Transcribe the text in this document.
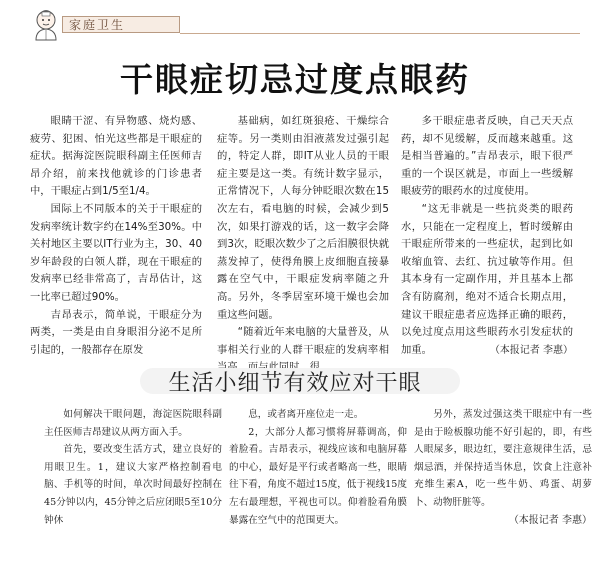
家庭卫生
干眼症切忌过度点眼药

眼睛干涩、有异物感、烧灼感、疲劳、犯困、怕光这些都是干眼症的症状。据海淀医院眼科副主任医师吉昂介绍，前来找他就诊的门诊患者中，干眼症占到1/5至1/4。

国际上不同版本的关于干眼症的发病率统计数字约在14%至30%。中关村地区主要以IT行业为主，30、40岁年龄段的白领人群，现在干眼症的发病率已经非常高了，吉昂估计，这一比率已超过90%。

吉昂表示，简单说，干眼症分为两类，一类是由自身眼泪分泌不足所引起的，一般都存在原发

基础病，如红斑狼疮、干燥综合症等。另一类则由泪液蒸发过强引起的，特定人群，即IT从业人员的干眼症主要是这一类。有统计数字显示，正常情况下，人每分钟眨眼次数在15次左右，看电脑的时候，会减少到5次，如果打游戏的话，这一数字会降到3次，眨眼次数少了之后泪膜很快就蒸发掉了，使得角膜上皮细胞直接暴露在空气中，干眼症发病率随之升高。另外，冬季居室环境干燥也会加重这些问题。

“随着近年来电脑的大量普及，从事相关行业的人群干眼症的发病率相

多干眼症患者反映，自己天天点药，却不见缓解，反而越来越重。这是相当普遍的。”吉昂表示，眼下很严重的一个误区就是，市面上一些缓解眼疲劳的眼药水的过度使用。

“这无非就是一些抗炎类的眼药水，只能在一定程度上，暂时缓解由干眼症所带来的一些症状，起到比如收缩血管、去红、抗过敏等作用。但其本身有一定副作用，并且基本上都含有防腐剂，绝对不适合长期点用，建议干眼症患者应选择正确的眼药，以免过度点用这些眼药水引发症状的加重。	（本报记者 李惠）

生活小细节有效应对干眼

如何解决干眼问题，海淀医院眼科副主任医师吉昂建议从两方面入手。

首先，要改变生活方式，建立良好的用眼卫生。1，建议大家严格控制看电脑、手机等的时间，单次时间最好控制在45分钟以内，45分钟之后应闭眼5至10分钟休

息，或者离开座位走一走。

2，大部分人都习惯将屏幕调高，仰着脸看。吉昂表示，视线应该和电脑屏幕的中心，最好是平行或者略高一些，眼睛往下看，角度不超过15度，低于视线15度左右最理想，平视也可以。仰着脸看角膜暴露在空气中的范围更大。

另外，蒸发过强这类干眼症中有一些是由于睑板腺功能不好引起的，即，有些人眼屎多，眼边红，要注意规律生活，忌烟忌酒，并保持适当休息，饮食上注意补充维生素A，吃一些牛奶、鸡蛋、胡萝卜、动物肝脏等。

（本报记者 李惠）
